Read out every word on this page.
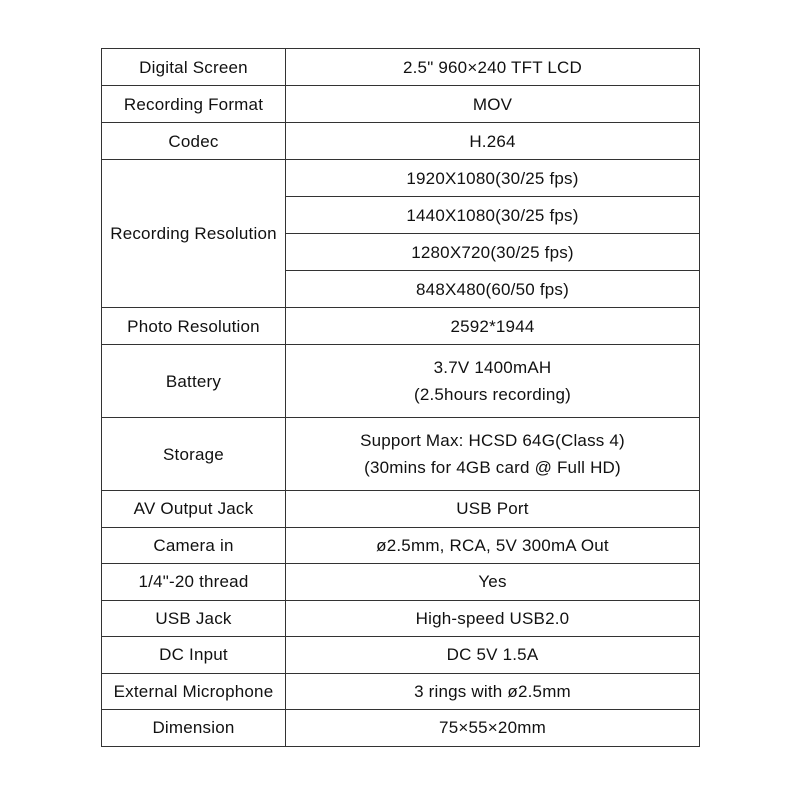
Digital Screen	2.5" 960×240 TFT LCD
Recording Format	MOV
Codec	H.264
Recording Resolution	1920X1080(30/25 fps)
	1440X1080(30/25 fps)
	1280X720(30/25 fps)
	848X480(60/50 fps)
Photo Resolution	2592*1944
Battery	3.7V 1400mAH
(2.5hours recording)

Storage	Support Max: HCSD 64G(Class 4)
(30mins for 4GB card @ Full HD)

AV Output Jack	USB Port
Camera in	ø2.5mm, RCA, 5V 300mA Out
1/4"-20 thread	Yes
USB Jack	High-speed USB2.0
DC Input	DC 5V 1.5A
External Microphone	3 rings with ø2.5mm
Dimension	75×55×20mm
